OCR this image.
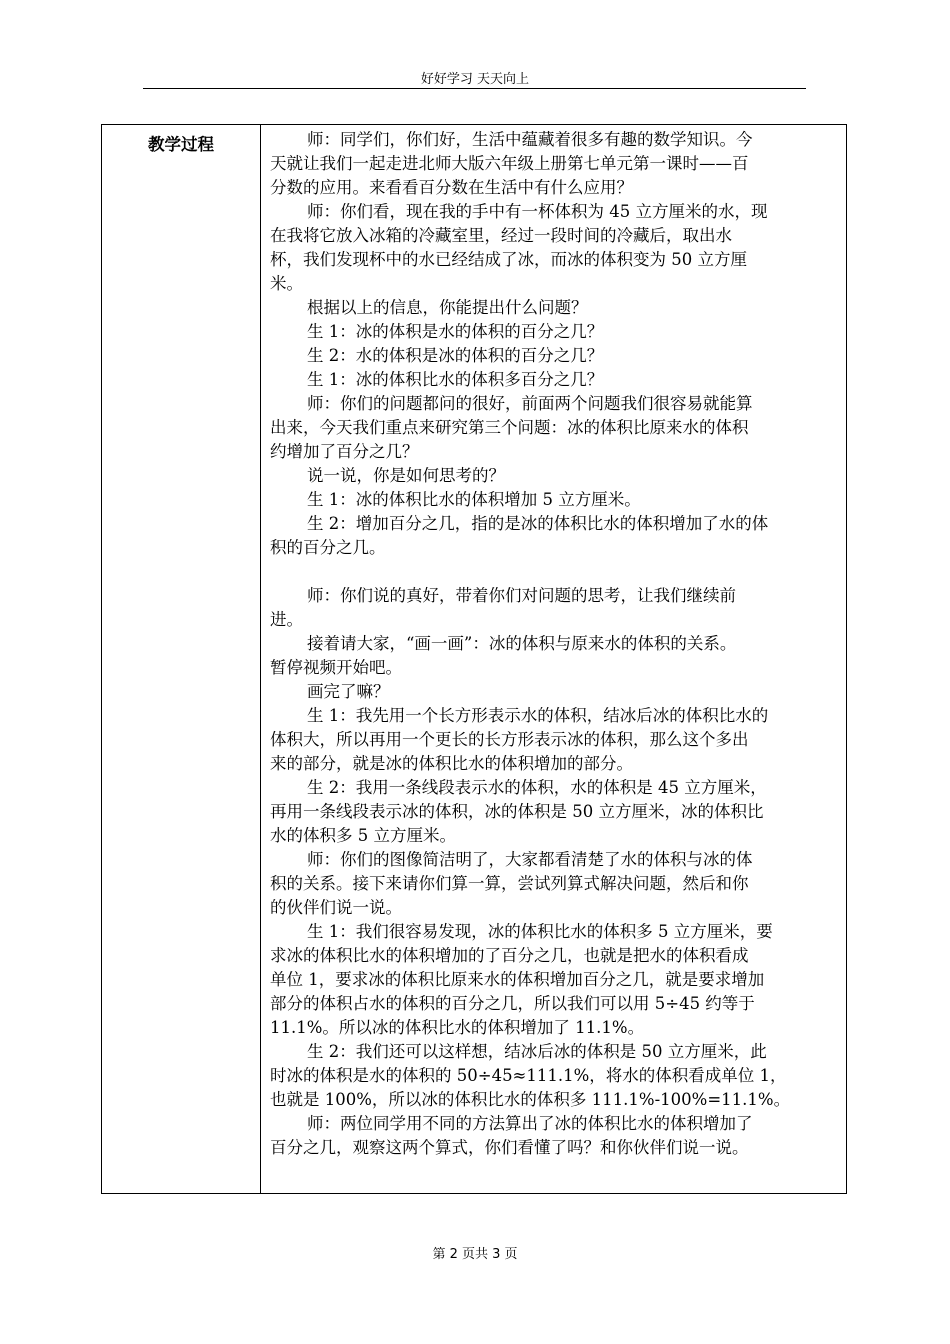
好好学习 天天向上
教学过程	师：同学们，你们好，生活中蕴藏着很多有趣的数学知识。今
天就让我们一起走进北师大版六年级上册第七单元第一课时——百
分数的应用。来看看百分数在生活中有什么应用？
师：你们看，现在我的手中有一杯体积为 45 立方厘米的水，现
在我将它放入冰箱的冷藏室里，经过一段时间的冷藏后，取出水
杯，我们发现杯中的水已经结成了冰，而冰的体积变为 50 立方厘
米。
根据以上的信息，你能提出什么问题？
生 1：冰的体积是水的体积的百分之几？
生 2：水的体积是冰的体积的百分之几？
生 1：冰的体积比水的体积多百分之几？
师：你们的问题都问的很好，前面两个问题我们很容易就能算
出来，今天我们重点来研究第三个问题：冰的体积比原来水的体积
约增加了百分之几？
说一说，你是如何思考的？
生 1：冰的体积比水的体积增加 5 立方厘米。
生 2：增加百分之几，指的是冰的体积比水的体积增加了水的体
积的百分之几。
师：你们说的真好，带着你们对问题的思考，让我们继续前
进。
接着请大家，“画一画”：冰的体积与原来水的体积的关系。
暂停视频开始吧。
画完了嘛？
生 1：我先用一个长方形表示水的体积，结冰后冰的体积比水的
体积大，所以再用一个更长的长方形表示冰的体积，那么这个多出
来的部分，就是冰的体积比水的体积增加的部分。
生 2：我用一条线段表示水的体积，水的体积是 45 立方厘米，
再用一条线段表示冰的体积，冰的体积是 50 立方厘米，冰的体积比
水的体积多 5 立方厘米。
师：你们的图像简洁明了，大家都看清楚了水的体积与冰的体
积的关系。接下来请你们算一算，尝试列算式解决问题，然后和你
的伙伴们说一说。
生 1：我们很容易发现，冰的体积比水的体积多 5 立方厘米，要
求冰的体积比水的体积增加的了百分之几，也就是把水的体积看成
单位 1，要求冰的体积比原来水的体积增加百分之几，就是要求增加
部分的体积占水的体积的百分之几，所以我们可以用 5÷45 约等于
11.1%。所以冰的体积比水的体积增加了 11.1%。
生 2：我们还可以这样想，结冰后冰的体积是 50 立方厘米，此
时冰的体积是水的体积的 50÷45≈111.1%，将水的体积看成单位 1，
也就是 100%，所以冰的体积比水的体积多 111.1%-100%=11.1%。
师：两位同学用不同的方法算出了冰的体积比水的体积增加了
百分之几，观察这两个算式，你们看懂了吗？和你伙伴们说一说。
第 2 页共 3 页
